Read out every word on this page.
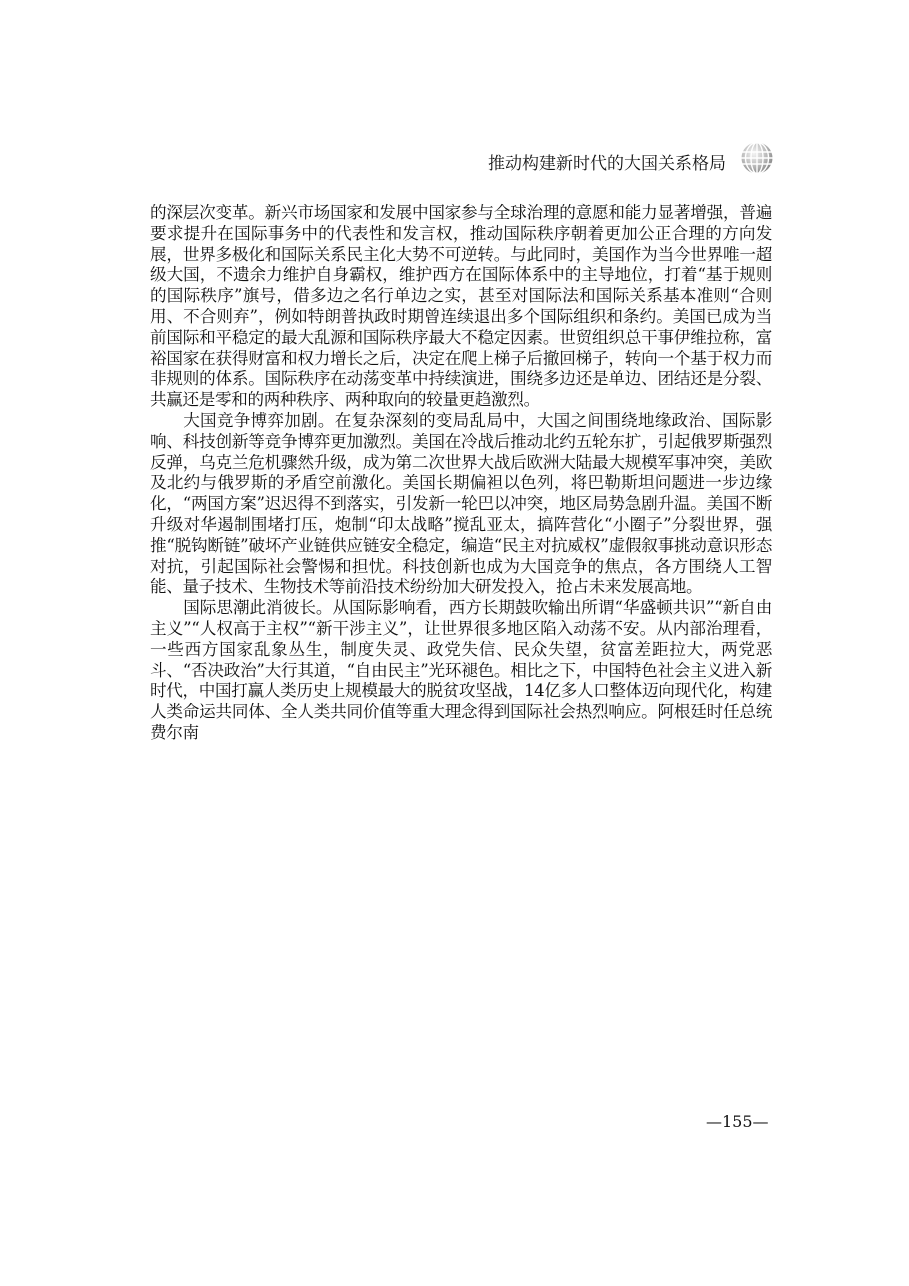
推动构建新时代的大国关系格局

的深层次变革。新兴市场国家和发展中国家参与全球治理的意愿和能力显著增强，普遍要求提升在国际事务中的代表性和发言权，推动国际秩序朝着更加公正合理的方向发展，世界多极化和国际关系民主化大势不可逆转。与此同时，美国作为当今世界唯一超级大国，不遗余力维护自身霸权，维护西方在国际体系中的主导地位，打着“基于规则的国际秩序”旗号，借多边之名行单边之实，甚至对国际法和国际关系基本准则“合则用、不合则弃”，例如特朗普执政时期曾连续退出多个国际组织和条约。美国已成为当前国际和平稳定的最大乱源和国际秩序最大不稳定因素。世贸组织总干事伊维拉称，富裕国家在获得财富和权力增长之后，决定在爬上梯子后撤回梯子，转向一个基于权力而非规则的体系。国际秩序在动荡变革中持续演进，围绕多边还是单边、团结还是分裂、共赢还是零和的两种秩序、两种取向的较量更趋激烈。

大国竞争博弈加剧。在复杂深刻的变局乱局中，大国之间围绕地缘政治、国际影响、科技创新等竞争博弈更加激烈。美国在冷战后推动北约五轮东扩，引起俄罗斯强烈反弹，乌克兰危机骤然升级，成为第二次世界大战后欧洲大陆最大规模军事冲突，美欧及北约与俄罗斯的矛盾空前激化。美国长期偏袒以色列，将巴勒斯坦问题进一步边缘化，“两国方案”迟迟得不到落实，引发新一轮巴以冲突，地区局势急剧升温。美国不断升级对华遏制围堵打压，炮制“印太战略”搅乱亚太，搞阵营化“小圈子”分裂世界，强推“脱钩断链”破坏产业链供应链安全稳定，编造“民主对抗威权”虚假叙事挑动意识形态对抗，引起国际社会警惕和担忧。科技创新也成为大国竞争的焦点，各方围绕人工智能、量子技术、生物技术等前沿技术纷纷加大研发投入，抢占未来发展高地。

国际思潮此消彼长。从国际影响看，西方长期鼓吹输出所谓“华盛顿共识”“新自由主义”“人权高于主权”“新干涉主义”，让世界很多地区陷入动荡不安。从内部治理看，一些西方国家乱象丛生，制度失灵、政党失信、民众失望，贫富差距拉大，两党恶斗、“否决政治”大行其道，“自由民主”光环褪色。相比之下，中国特色社会主义进入新时代，中国打赢人类历史上规模最大的脱贫攻坚战，14亿多人口整体迈向现代化，构建人类命运共同体、全人类共同价值等重大理念得到国际社会热烈响应。阿根廷时任总统费尔南

—155—
